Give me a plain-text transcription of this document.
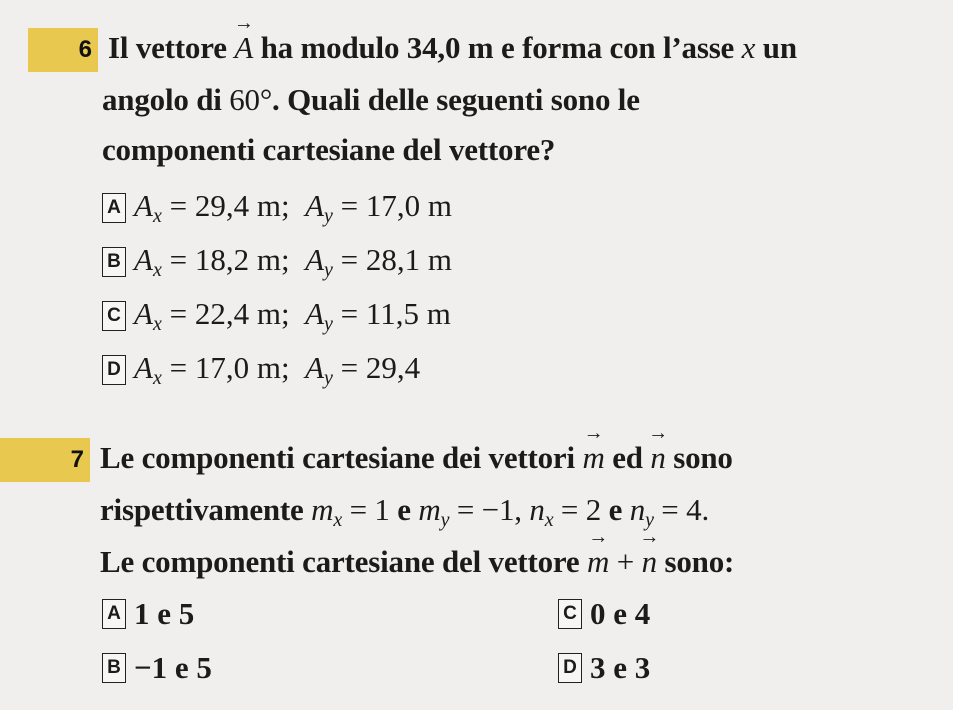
6 Il vettore
→
A ha modulo 34,0 m e forma con l’asse x un
angolo di 60°. Quali delle seguenti sono le
componenti cartesiane del vettore?
A $A_x = 29,4$ m;  $A_y = 17,0$ m
B $A_x = 18,2$ m;  $A_y = 28,1$ m
C $A_x = 22,4$ m;  $A_y = 11,5$ m
D $A_x = 17,0$ m;  $A_y = 29,4$
7 Le componenti cartesiane dei vettori
→
m ed
→
n sono
rispettivamente $m_x = 1$ e $m_y = -1$, $n_x = 2$ e $n_y = 4$.
Le componenti cartesiane del vettore
→
m +
→
n sono:
A 1 e 5
B −1 e 5
C 0 e 4
D 3 e 3
